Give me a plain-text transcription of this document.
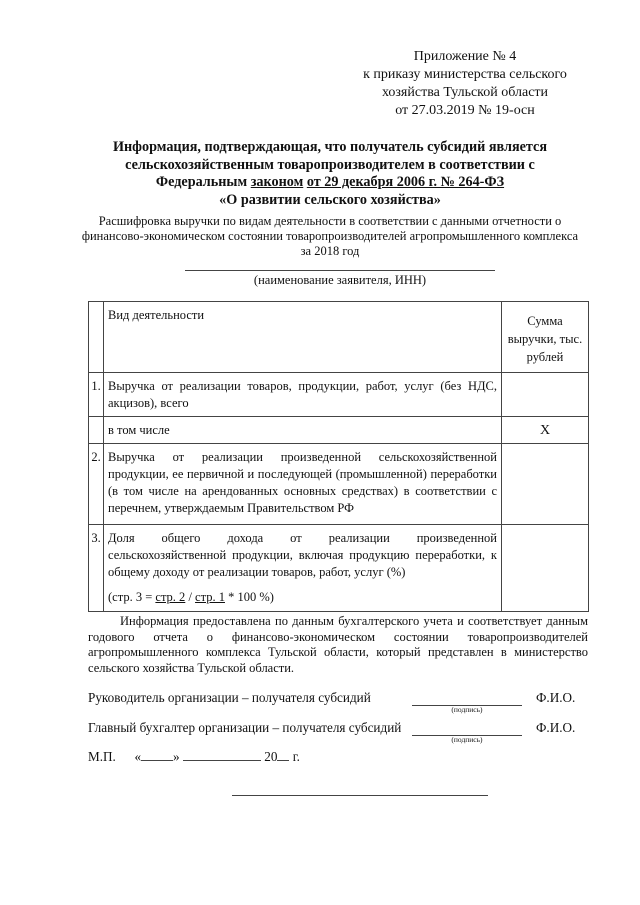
Приложение № 4
к приказу министерства сельского
хозяйства Тульской области
от 27.03.2019 № 19-осн
Информация, подтверждающая, что получатель субсидий является
сельскохозяйственным товаропроизводителем в соответствии с
Федеральным законом от 29 декабря 2006 г. № 264-ФЗ
«О развитии сельского хозяйства»
Расшифровка выручки по видам деятельности в соответствии с данными отчетности о финансово-экономическом состоянии товаропроизводителей агропромышленного комплекса за 2018 год
(наименование заявителя, ИНН)
	Вид деятельности	Сумма выручки, тыс. рублей
1.	Выручка от реализации товаров, продукции, работ, услуг (без НДС, акцизов), всего	
	в том числе	X
2.	Выручка от реализации произведенной сельскохозяйственной продукции, ее первичной и последующей (промышленной) переработки (в том числе на арендованных основных средствах) в соответствии с перечнем, утверждаемым Правительством РФ	
3.	Доля общего дохода от реализации произведенной сельскохозяйственной продукции, включая продукцию переработки, к общему доходу от реализации товаров, работ, услуг (%)
(стр. 3 = стр. 2 / стр. 1 * 100 %)	

Информация предоставлена по данным бухгалтерского учета и соответствует данным годового отчета о финансово-экономическом состоянии товаропроизводителей агропромышленного комплекса Тульской области, который представлен в министерство сельского хозяйства Тульской области.
Руководитель организации – получателя субсидий
(подпись)
Ф.И.О.
Главный бухгалтер организации – получателя субсидий
(подпись)
Ф.И.О.
М.П. « »	20 г.
